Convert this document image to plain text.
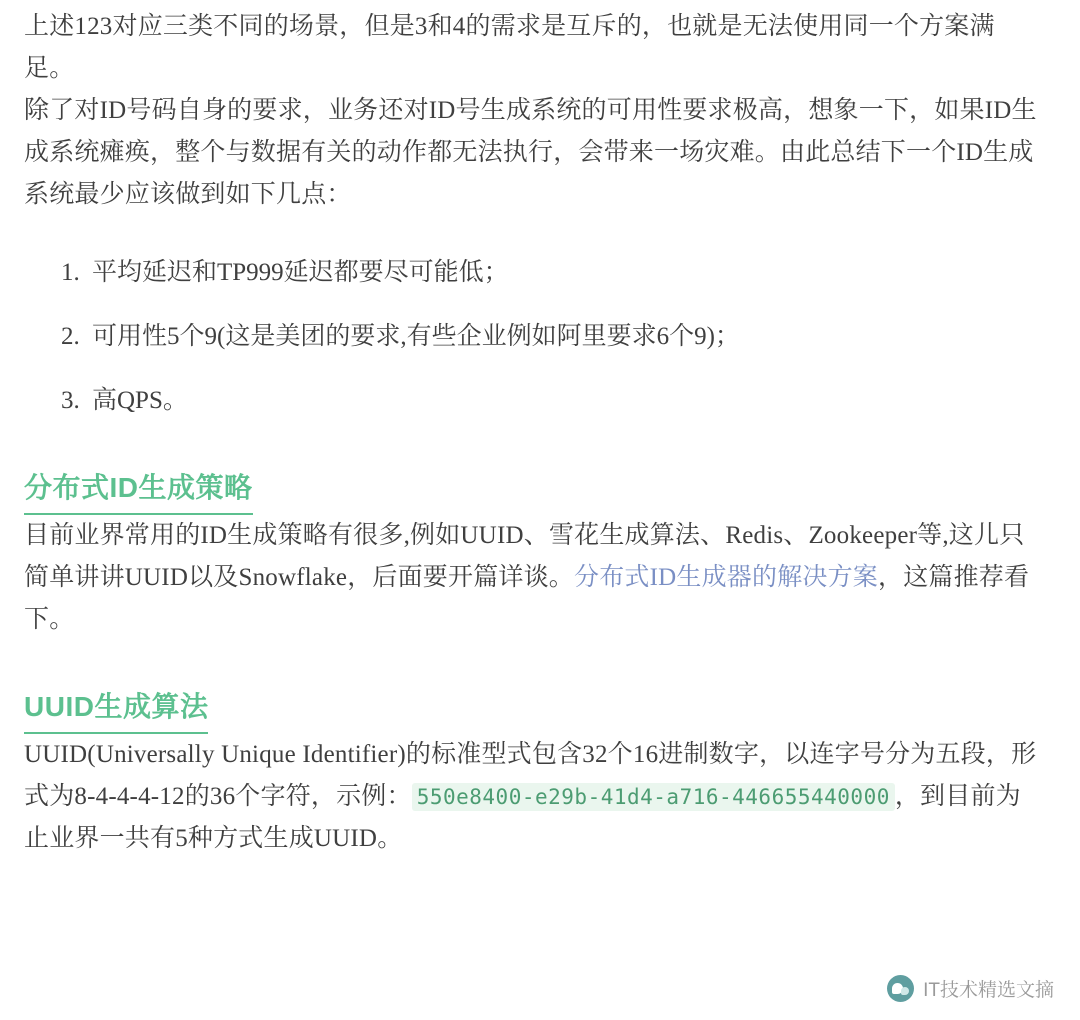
上述123对应三类不同的场景，但是3和4的需求是互斥的，也就是无法使用同一个方案满足。

除了对ID号码自身的要求，业务还对ID号生成系统的可用性要求极高，想象一下，如果ID生成系统瘫痪，整个与数据有关的动作都无法执行，会带来一场灾难。由此总结下一个ID生成系统最少应该做到如下几点：

1. 平均延迟和TP999延迟都要尽可能低；
2. 可用性5个9(这是美团的要求,有些企业例如阿里要求6个9)；
3. 高QPS。
分布式ID生成策略

目前业界常用的ID生成策略有很多,例如UUID、雪花生成算法、Redis、Zookeeper等,这儿只简单讲讲UUID以及Snowflake，后面要开篇详谈。分布式ID生成器的解决方案，这篇推荐看下。

UUID生成算法

UUID(Universally Unique Identifier)的标准型式包含32个16进制数字，以连字号分为五段，形式为8-4-4-4-12的36个字符，示例： 550e8400-e29b-41d4-a716-446655440000 ，到目前为止业界一共有5种方式生成UUID。

IT技术精选文摘
